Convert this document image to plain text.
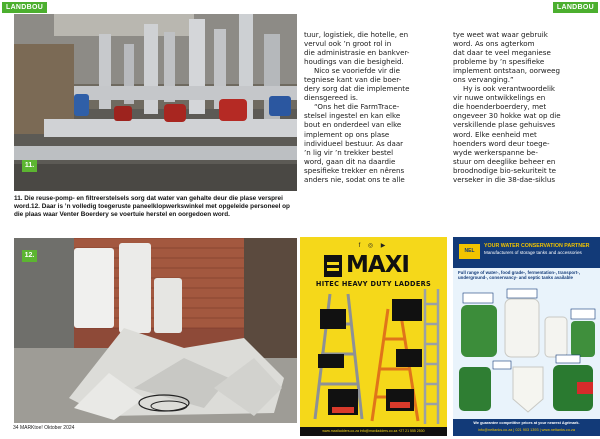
LANDBOU	LANDBOU
11.
11. Die reuse-pomp- en filtreerstelsels sorg dat water van gehalte deur die plase versprei word.12. Daar is ’n volledig toegeruste paneelklopwerkswinkel met opgeleide personeel op die plaas waar Venter Boerdery se voertuie herstel en oorgedoen word.
12.

tuur, logistiek, die hotelle, en

vervul ook ’n groot rol in

die administrasie en bankver-

houdings van die besigheid.

Nico se vooriefde vir die

tegniese kant van die boer-

dery sorg dat die implemente

diensgereed is.

“Ons het die FarmTrace-

stelsel ingestel en kan elke

bout en onderdeel van elke

implement op ons plase

individueel bestuur. As daar

’n lig vir ’n trekker bestel

word, gaan dit na daardie

spesifieke trekker en nêrens

anders nie, sodat ons te alle

tye weet wat waar gebruik

word. As ons agterkom

dat daar te veel meganiese

probleme by ’n spesifieke

implement ontstaan, oorweeg

ons vervanging.”

Hy is ook verantwoordelik

vir nuwe ontwikkelings en

die hoenderboerdery, met

ongeveer 30 hokke wat op die

verskillende plase gehuisves

word. Elke eenheid met

hoenders word deur toege-

wyde werkerspanne be-

stuur om deeglike beheer en

broodnodige bio-sekuriteit te

verseker in die 38-dae-siklus

f ◎ ▶
MAXI
HITEC HEAVY DUTY LADDERS
www.maxiladders.co.za info@maxiladders.co.za +27 21 555 2500
NEL
YOUR WATER CONSERVATION PARTNER
Manufacturers of storage tanks and accessories
Full range of water-, food grade-, fermentation-, transport-, underground-, conservancy- and septic tanks available
We guarantee competitive prices at your nearest Agrimark.
info@neltanks.co.za | 021 903 1393 | www.neltanks.co.za
34 MARKtoe! Oktober 2024
